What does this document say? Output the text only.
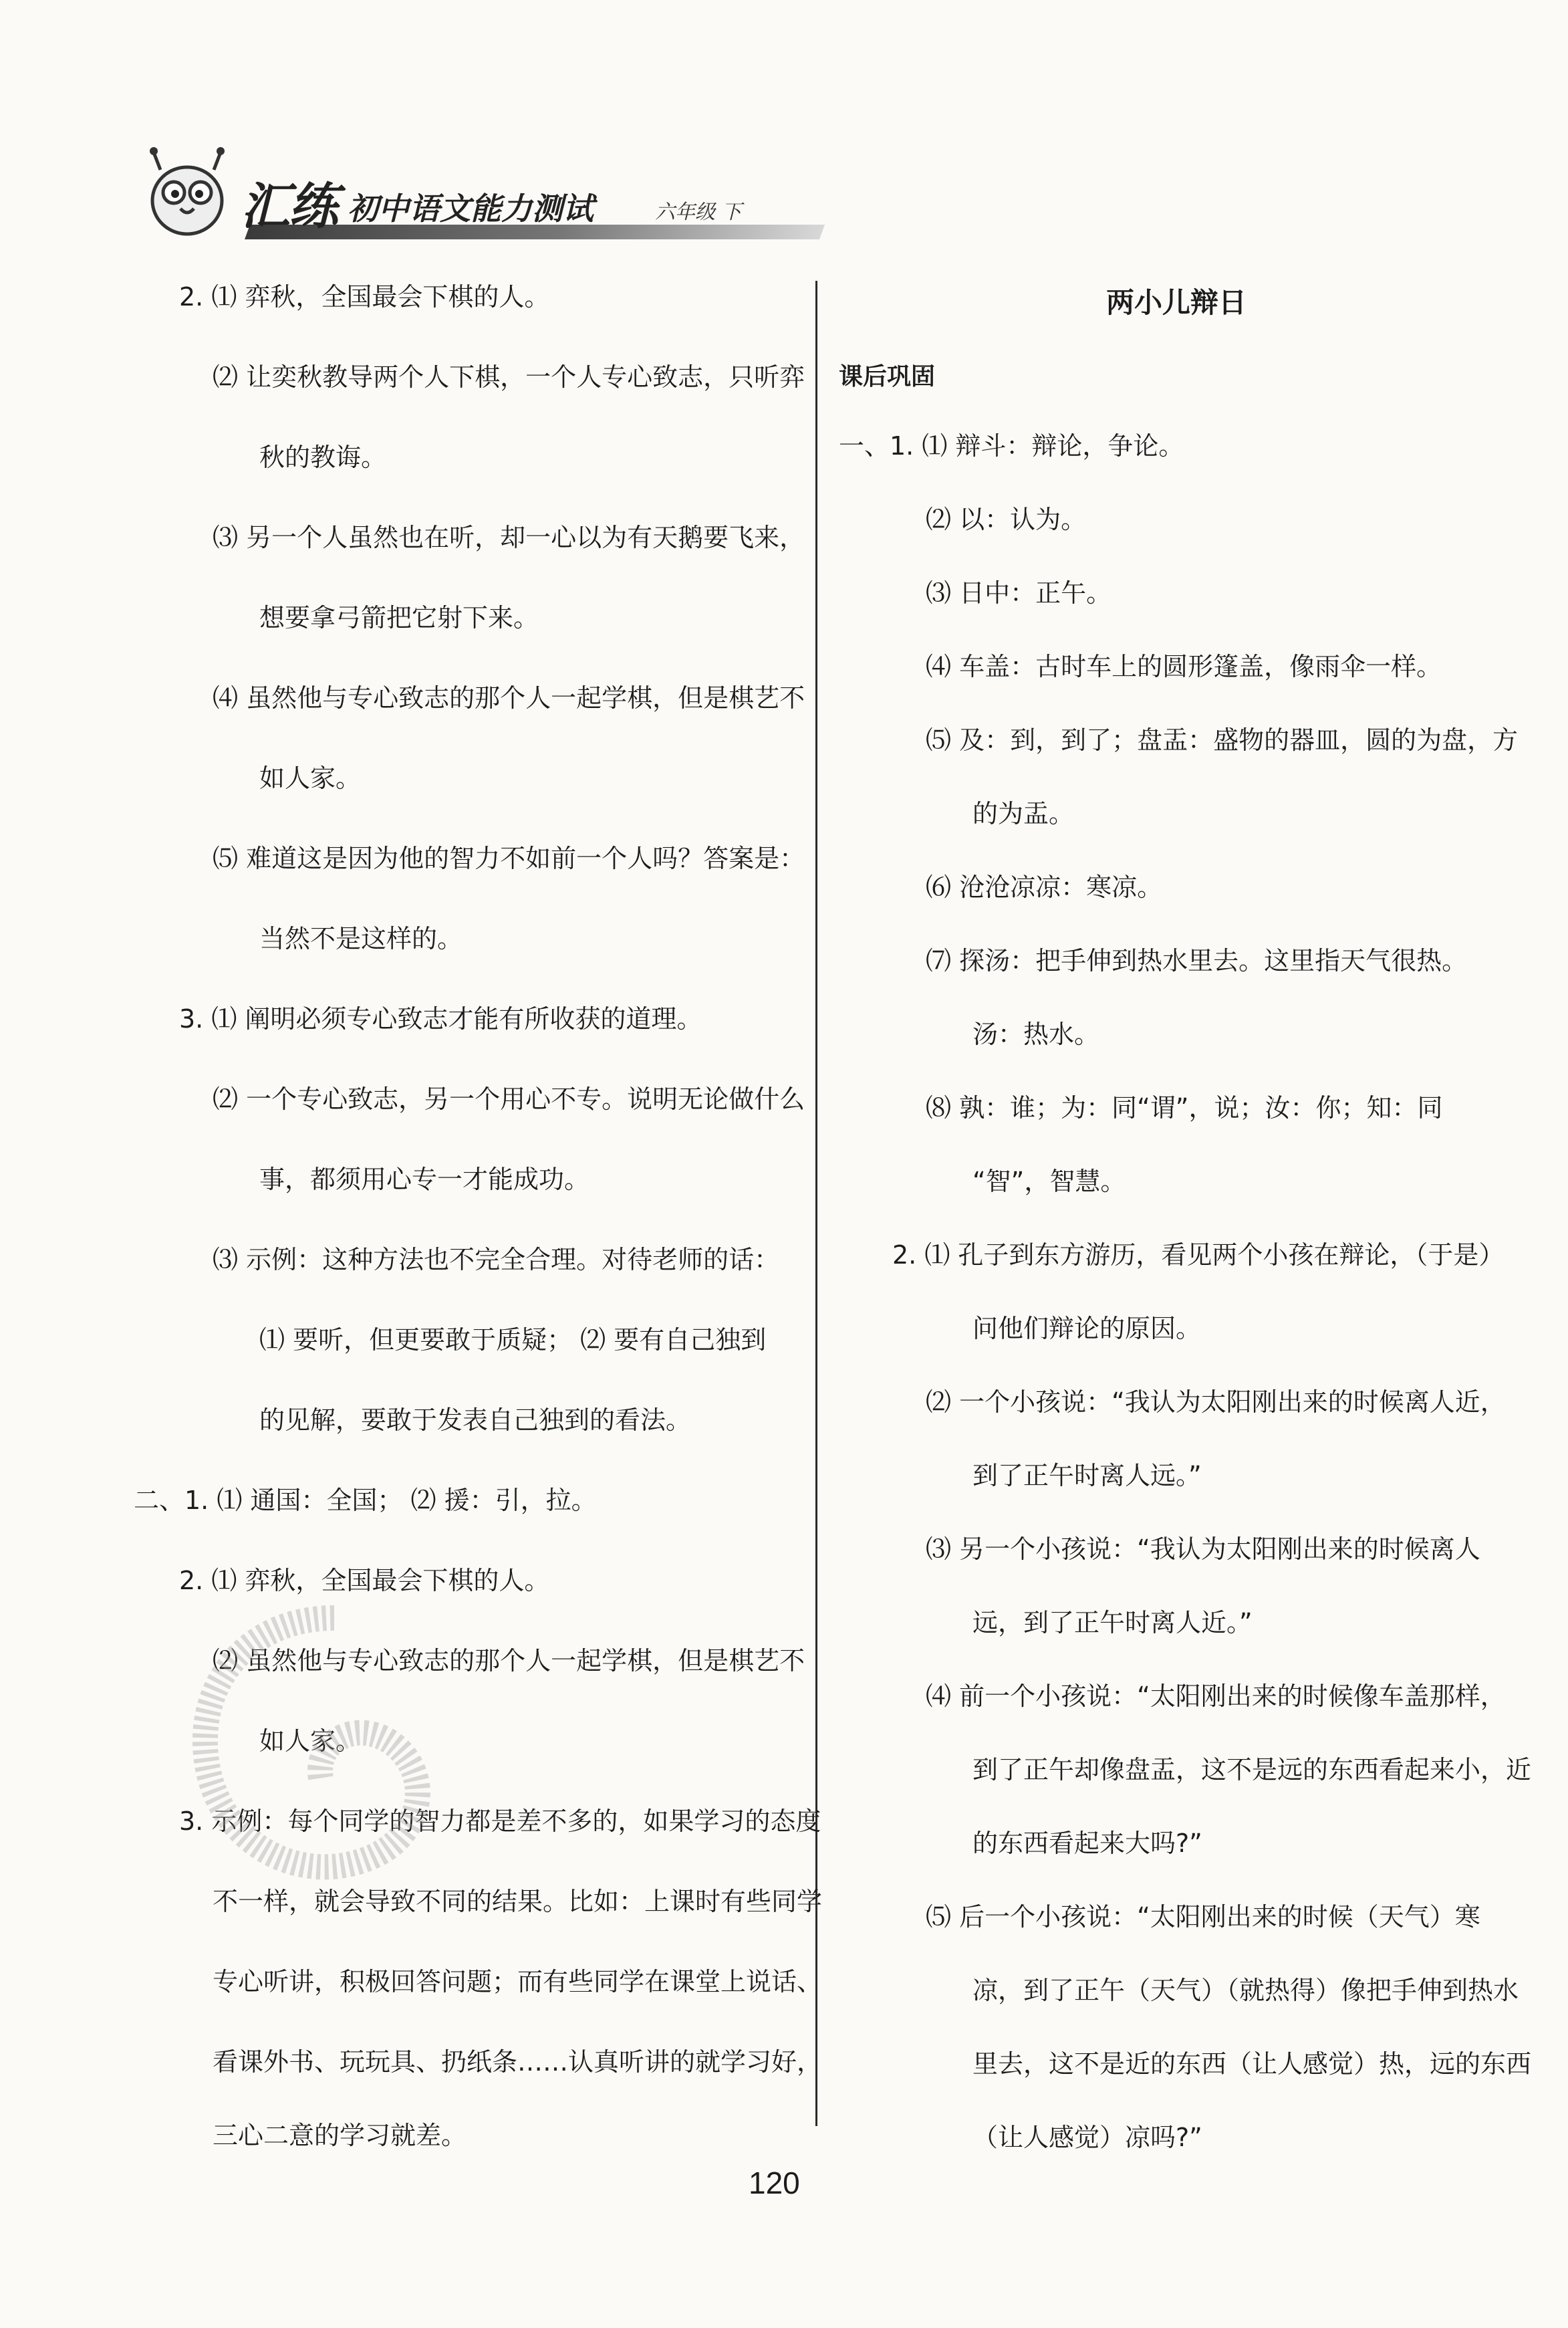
汇练 初中语文能力测试	六年级 下
2. ⑴ 弈秋，全国最会下棋的人。
⑵ 让奕秋教导两个人下棋，一个人专心致志，只听弈
秋的教诲。
⑶ 另一个人虽然也在听，却一心以为有天鹅要飞来，
想要拿弓箭把它射下来。
⑷ 虽然他与专心致志的那个人一起学棋，但是棋艺不
如人家。
⑸ 难道这是因为他的智力不如前一个人吗？答案是：
当然不是这样的。
3. ⑴ 阐明必须专心致志才能有所收获的道理。
⑵ 一个专心致志，另一个用心不专。说明无论做什么
事，都须用心专一才能成功。
⑶ 示例：这种方法也不完全合理。对待老师的话：
⑴ 要听，但更要敢于质疑； ⑵ 要有自己独到
的见解，要敢于发表自己独到的看法。
二、1. ⑴ 通国：全国； ⑵ 援：引，拉。
2. ⑴ 弈秋，全国最会下棋的人。
⑵ 虽然他与专心致志的那个人一起学棋，但是棋艺不
如人家。
3. 示例：每个同学的智力都是差不多的，如果学习的态度
不一样，就会导致不同的结果。比如：上课时有些同学
专心听讲，积极回答问题；而有些同学在课堂上说话、
看课外书、玩玩具、扔纸条……认真听讲的就学习好，
三心二意的学习就差。
两小儿辩日
课后巩固
一、1. ⑴ 辩斗：辩论，争论。
⑵ 以：认为。
⑶ 日中：正午。
⑷ 车盖：古时车上的圆形篷盖，像雨伞一样。
⑸ 及：到，到了；盘盂：盛物的器皿，圆的为盘，方
的为盂。
⑹ 沧沧凉凉：寒凉。
⑺ 探汤：把手伸到热水里去。这里指天气很热。
汤：热水。
⑻ 孰：谁；为：同“谓”，说；汝：你；知：同
“智”，智慧。
2. ⑴ 孔子到东方游历，看见两个小孩在辩论，（于是）
问他们辩论的原因。
⑵ 一个小孩说：“我认为太阳刚出来的时候离人近，
到了正午时离人远。”
⑶ 另一个小孩说：“我认为太阳刚出来的时候离人
远，到了正午时离人近。”
⑷ 前一个小孩说：“太阳刚出来的时候像车盖那样，
到了正午却像盘盂，这不是远的东西看起来小，近
的东西看起来大吗?”
⑸ 后一个小孩说：“太阳刚出来的时候（天气）寒
凉，到了正午（天气）（就热得）像把手伸到热水
里去，这不是近的东西（让人感觉）热，远的东西
（让人感觉）凉吗?”
120
